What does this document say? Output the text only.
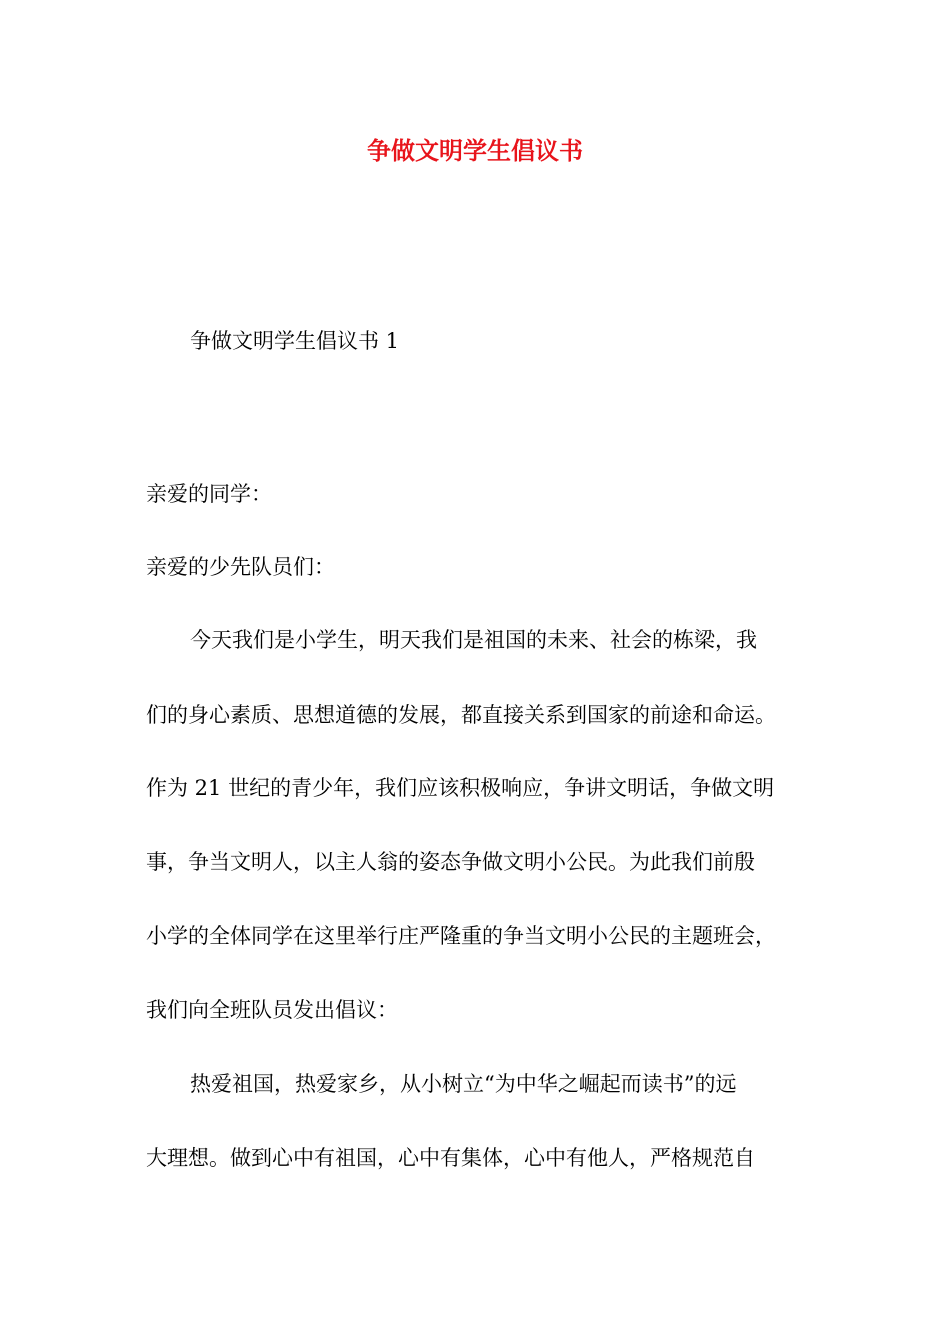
争做文明学生倡议书
争做文明学生倡议书 1
亲爱的同学：
亲爱的少先队员们：
今天我们是小学生，明天我们是祖国的未来、社会的栋梁，我
们的身心素质、思想道德的发展，都直接关系到国家的前途和命运。
作为 21 世纪的青少年，我们应该积极响应，争讲文明话，争做文明
事，争当文明人，以主人翁的姿态争做文明小公民。为此我们前殷
小学的全体同学在这里举行庄严隆重的争当文明小公民的主题班会，
我们向全班队员发出倡议：
热爱祖国，热爱家乡，从小树立“为中华之崛起而读书”的远
大理想。做到心中有祖国，心中有集体，心中有他人，严格规范自
